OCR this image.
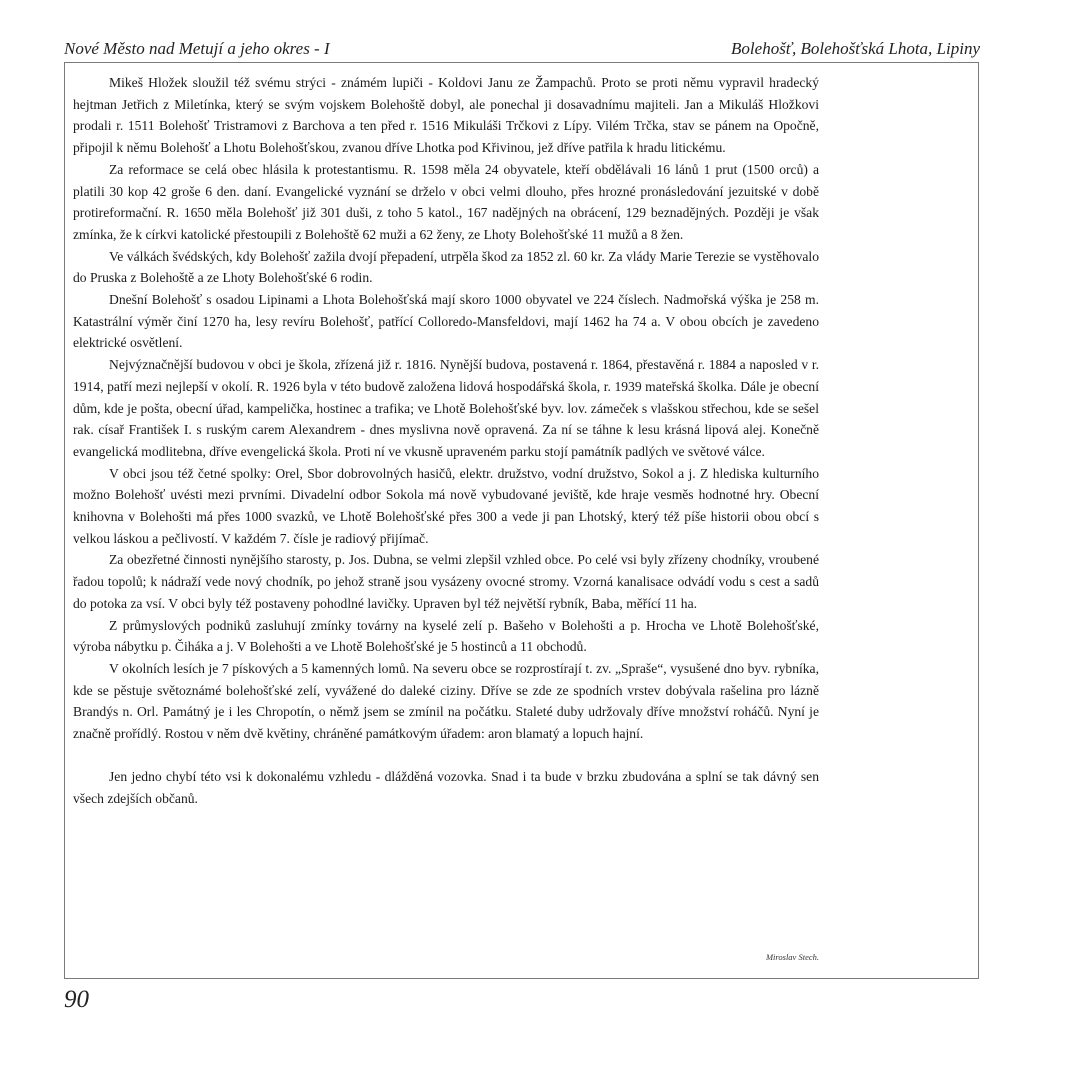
Nové Město nad Metují a jeho okres - I	Bolehošť, Bolehošťská Lhota, Lipiny

Mikeš Hložek sloužil též svému strýci - známém lupiči - Koldovi Janu ze Žampachů. Proto se proti němu vypravil hradecký hejtman Jetřich z Miletínka, který se svým vojskem Bolehoště dobyl, ale ponechal ji dosavadnímu majiteli. Jan a Mikuláš Hložkovi prodali r. 1511 Bolehošť Tristramovi z Barchova a ten před r. 1516 Mikuláši Trčkovi z Lípy. Vilém Trčka, stav se pánem na Opočně, připojil k němu Bolehošť a Lhotu Bolehošťskou, zvanou dříve Lhotka pod Křivinou, jež dříve patřila k hradu litickému.

Za reformace se celá obec hlásila k protestantismu. R. 1598 měla 24 obyvatele, kteří obdělávali 16 lánů 1 prut (1500 orců) a platili 30 kop 42 groše 6 den. daní. Evangelické vyznání se drželo v obci velmi dlouho, přes hrozné pronásledování jezuitské v době protireformační. R. 1650 měla Bolehošť již 301 duši, z toho 5 katol., 167 nadějných na obrácení, 129 beznadějných. Později je však zmínka, že k církvi katolické přestoupili z Bolehoště 62 muži a 62 ženy, ze Lhoty Bolehošťské 11 mužů a 8 žen.

Ve válkách švédských, kdy Bolehošť zažila dvojí přepadení, utrpěla škod za 1852 zl. 60 kr. Za vlády Marie Terezie se vystěhovalo do Pruska z Bolehoště a ze Lhoty Bolehošťské 6 rodin.

Dnešní Bolehošť s osadou Lipinami a Lhota Bolehošťská mají skoro 1000 obyvatel ve 224 číslech. Nadmořská výška je 258 m. Katastrální výměr činí 1270 ha, lesy revíru Bolehošť, patřící Colloredo-Mansfeldovi, mají 1462 ha 74 a. V obou obcích je zavedeno elektrické osvětlení.

Nejvýznačnější budovou v obci je škola, zřízená již r. 1816. Nynější budova, postavená r. 1864, přestavěná r. 1884 a naposled v r. 1914, patří mezi nejlepší v okolí. R. 1926 byla v této budově založena lidová hospodářská škola, r. 1939 mateřská školka. Dále je obecní dům, kde je pošta, obecní úřad, kampelička, hostinec a trafika; ve Lhotě Bolehošťské byv. lov. zámeček s vlašskou střechou, kde se sešel rak. císař František I. s ruským carem Alexandrem - dnes myslivna nově opravená. Za ní se táhne k lesu krásná lipová alej. Konečně evangelická modlitebna, dříve evengelická škola. Proti ní ve vkusně upraveném parku stojí památník padlých ve světové válce.

V obci jsou též četné spolky: Orel, Sbor dobrovolných hasičů, elektr. družstvo, vodní družstvo, Sokol a j. Z hlediska kulturního možno Bolehošť uvésti mezi prvními. Divadelní odbor Sokola má nově vybudované jeviště, kde hraje vesměs hodnotné hry. Obecní knihovna v Bolehošti má přes 1000 svazků, ve Lhotě Bolehošťské přes 300 a vede ji pan Lhotský, který též píše historii obou obcí s velkou láskou a pečlivostí. V každém 7. čísle je radiový přijímač.

Za obezřetné činnosti nynějšího starosty, p. Jos. Dubna, se velmi zlepšil vzhled obce. Po celé vsi byly zřízeny chodníky, vroubené řadou topolů; k nádraží vede nový chodník, po jehož straně jsou vysázeny ovocné stromy. Vzorná kanalisace odvádí vodu s cest a sadů do potoka za vsí. V obci byly též postaveny pohodlné lavičky. Upraven byl též největší rybník, Baba, měřící 11 ha.

Z průmyslových podniků zasluhují zmínky továrny na kyselé zelí p. Bašeho v Bolehošti a p. Hrocha ve Lhotě Bolehošťské, výroba nábytku p. Čiháka a j. V Bolehošti a ve Lhotě Bolehošťské je 5 hostinců a 11 obchodů.

V okolních lesích je 7 pískových a 5 kamenných lomů. Na severu obce se rozprostírají t. zv. „Spraše“, vysušené dno byv. rybníka, kde se pěstuje světoznámé bolehošťské zelí, vyvážené do daleké ciziny. Dříve se zde ze spodních vrstev dobývala rašelina pro lázně Brandýs n. Orl. Památný je i les Chropotín, o němž jsem se zmínil na počátku. Staleté duby udržovaly dříve množství roháčů. Nyní je značně prořídlý. Rostou v něm dvě květiny, chráněné památkovým úřadem: aron blamatý a lopuch hajní.

Jen jedno chybí této vsi k dokonalému vzhledu - dlážděná vozovka. Snad i ta bude v brzku zbudována a splní se tak dávný sen všech zdejších občanů.

Miroslav Stech.
90
